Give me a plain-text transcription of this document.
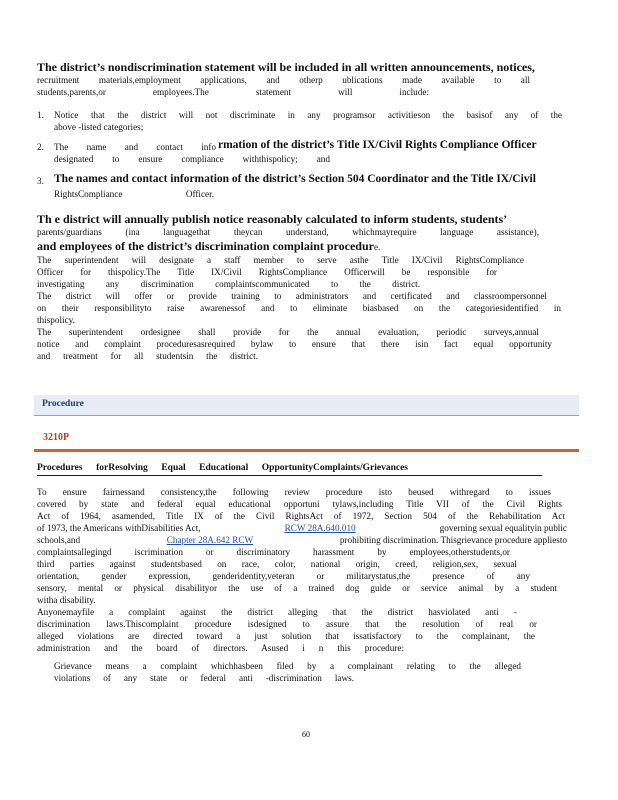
The district’s nondiscrimination statement will be included in all written announcements, notices,
recruitment materials,employment applications, and otherp ublications made available to all
students,parents,or employees.The statement will include:
1. Notice that the district will not discriminate in any programsor activitieson the basisof any of the
above -listed categories;
2. The name and contact info rmation of the district’s Title IX/Civil Rights Compliance Officer
designated to ensure compliance withthispolicy; and
3. The names and contact information of the district’s Section 504 Coordinator and the Title IX/Civil
RightsCompliance Officer.
Th e district will annually publish notice reasonably calculated to inform students, students’
parents/guardians (ina languagethat theycan understand, whichmayrequire language assistance),
and employees of the district’s discrimination complaint procedure.
The superintendent will designate a staff member to serve asthe Title IX/Civil RightsCompliance
Officer for thispolicy.The Title IX/Civil RightsCompliance Officerwill be responsible for
investigating any discrimination complaintscommunicated to the district.
The district will offer or provide training to administrators and certificated and classroompersonnel
on their responsibilityto raise awarenessof and to eliminate biasbased on the categoriesidentified in
thispolicy.
The superintendent ordesignee shall provide for the annual evaluation, periodic surveys,annual
notice and complaint proceduresasrequired bylaw to ensure that there isin fact equal opportunity
and treatment for all studentsin the district.
Procedure
3210P
Procedures forResolving Equal Educational OpportunityComplaints/Grievances
To ensure fairnessand consistency,the following review procedure isto beused withregard to issues
covered by state and federal equal educational opportuni tylaws,including Title VII of the Civil Rights
Act of 1964, asamended, Title IX of the Civil RightsAct of 1972, Section 504 of the Rehabilitation Act
of 1973, the Americans withDisabilities Act,	RCW 28A.640.010	governing sexual equalityin public
schools,and	Chapter 28A.642 RCW	prohibiting discrimination. Thisgrievance procedure appliesto
complaintsallegingd iscrimination or discriminatory harassment by employees,otherstudents,or
third parties against studentsbased on race, color, national origin, creed, religion,sex, sexual
orientation, gender expression, genderidentity,veteran or militarystatus,the presence of any
sensory, mental or physical disabilityor the use of a trained dog guide or service animal by a student
witha disability.
Anyonemayfile a complaint against the district alleging that the district hasviolated anti -
discrimination laws.Thiscomplaint procedure isdesigned to assure that the resolution of real or
alleged violations are directed toward a just solution that issatisfactory to the complainant, the
administration and the board of directors. Asused i n this procedure:
Grievance means a complaint whichhasbeen filed by a complainant relating to the alleged
violations of any state or federal anti -discrimination laws.
60
